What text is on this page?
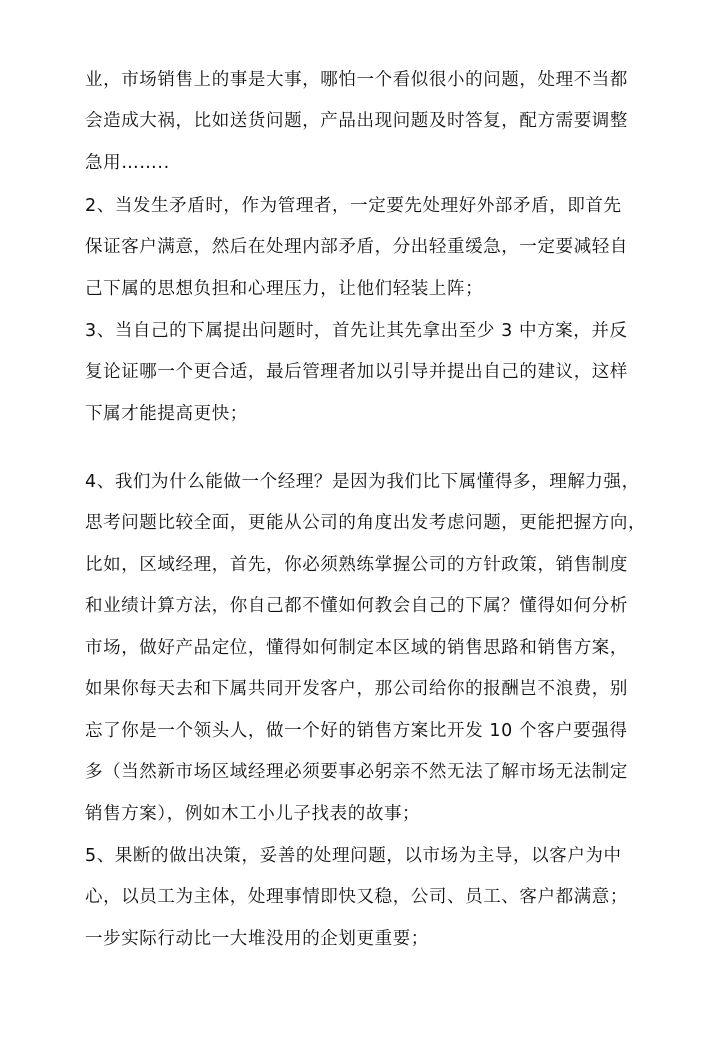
业，市场销售上的事是大事，哪怕一个看似很小的问题，处理不当都

会造成大祸，比如送货问题，产品出现问题及时答复，配方需要调整

急用……..

2、当发生矛盾时，作为管理者，一定要先处理好外部矛盾，即首先

保证客户满意，然后在处理内部矛盾，分出轻重缓急，一定要减轻自

己下属的思想负担和心理压力，让他们轻装上阵；

3、当自己的下属提出问题时，首先让其先拿出至少 3 中方案，并反

复论证哪一个更合适，最后管理者加以引导并提出自己的建议，这样

下属才能提高更快；

4、我们为什么能做一个经理？是因为我们比下属懂得多，理解力强，

思考问题比较全面，更能从公司的角度出发考虑问题，更能把握方向，

比如，区域经理，首先，你必须熟练掌握公司的方针政策，销售制度

和业绩计算方法，你自己都不懂如何教会自己的下属？懂得如何分析

市场，做好产品定位，懂得如何制定本区域的销售思路和销售方案，

如果你每天去和下属共同开发客户，那公司给你的报酬岂不浪费，别

忘了你是一个领头人，做一个好的销售方案比开发 10 个客户要强得

多（当然新市场区域经理必须要事必躬亲不然无法了解市场无法制定

销售方案），例如木工小儿子找表的故事；

5、果断的做出决策，妥善的处理问题，以市场为主导，以客户为中

心，以员工为主体，处理事情即快又稳，公司、员工、客户都满意；

一步实际行动比一大堆没用的企划更重要；
